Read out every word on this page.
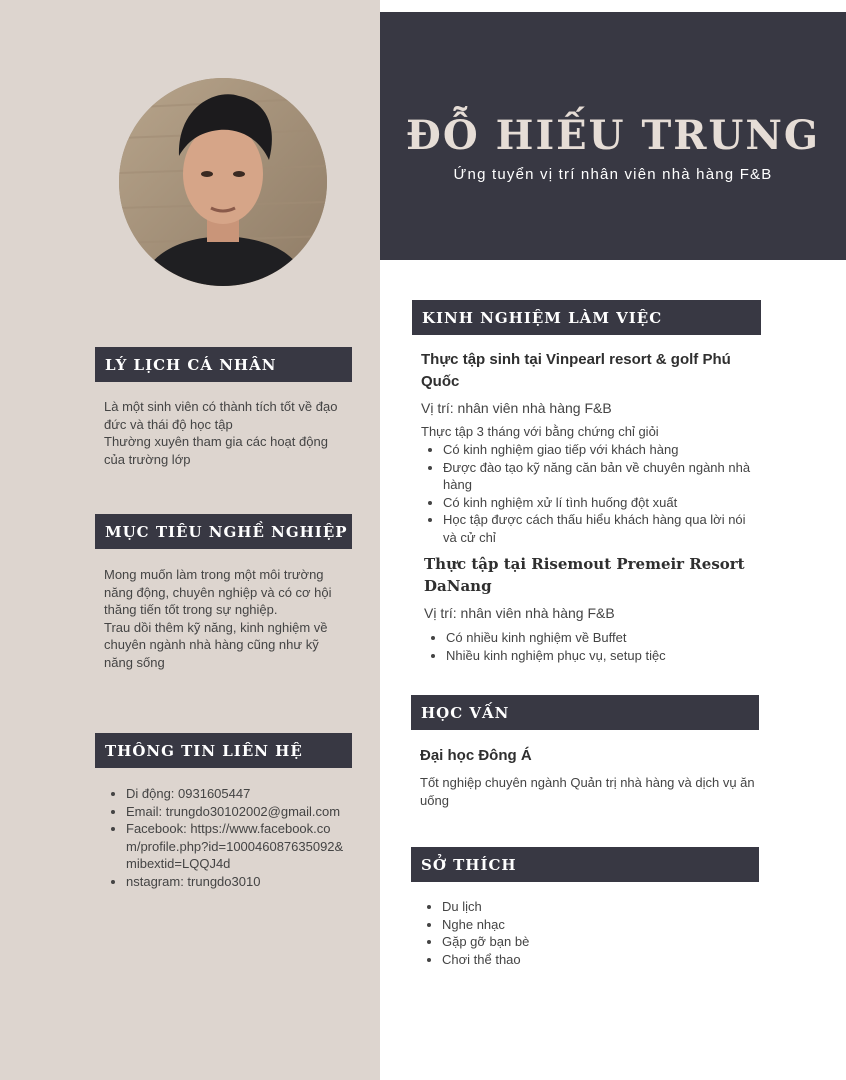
ĐỖ HIẾU TRUNG
Ứng tuyển vị trí nhân viên nhà hàng F&B
LÝ LỊCH CÁ NHÂN

Là một sinh viên có thành tích tốt về đạo đức và thái độ học tập

Thường xuyên tham gia các hoạt động của trường lớp

MỤC TIÊU NGHỀ NGHIỆP

Mong muốn làm trong một môi trường năng động, chuyên nghiệp và có cơ hội thăng tiến tốt trong sự nghiệp.

Trau dồi thêm kỹ năng, kinh nghiệm về chuyên ngành nhà hàng cũng như kỹ năng sống

THÔNG TIN LIÊN HỆ
• Di động: 0931605447
• Email: trungdo30102002@gmail.com
• Facebook: https://www.facebook.com/profile.php?id=100046087635092&mibextid=LQQJ4d
• nstagram: trungdo3010
KINH NGHIỆM LÀM VIỆC
Thực tập sinh tại Vinpearl resort & golf Phú Quốc
Vị trí: nhân viên nhà hàng F&B
Thực tập 3 tháng với bằng chứng chỉ giỏi
• Có kinh nghiệm giao tiếp với khách hàng
• Được đào tạo kỹ năng căn bản về chuyên ngành nhà hàng
• Có kinh nghiệm xử lí tình huống đột xuất
• Học tập được cách thấu hiểu khách hàng qua lời nói và cử chỉ
Thực tập tại Risemout Premeir Resort DaNang
Vị trí: nhân viên nhà hàng F&B
• Có nhiều kinh nghiệm về Buffet
• Nhiều kinh nghiệm phục vụ, setup tiệc
HỌC VẤN
Đại học Đông Á
Tốt nghiệp chuyên ngành Quản trị nhà hàng và dịch vụ ăn uống
SỞ THÍCH
• Du lịch
• Nghe nhạc
• Gặp gỡ bạn bè
• Chơi thể thao
